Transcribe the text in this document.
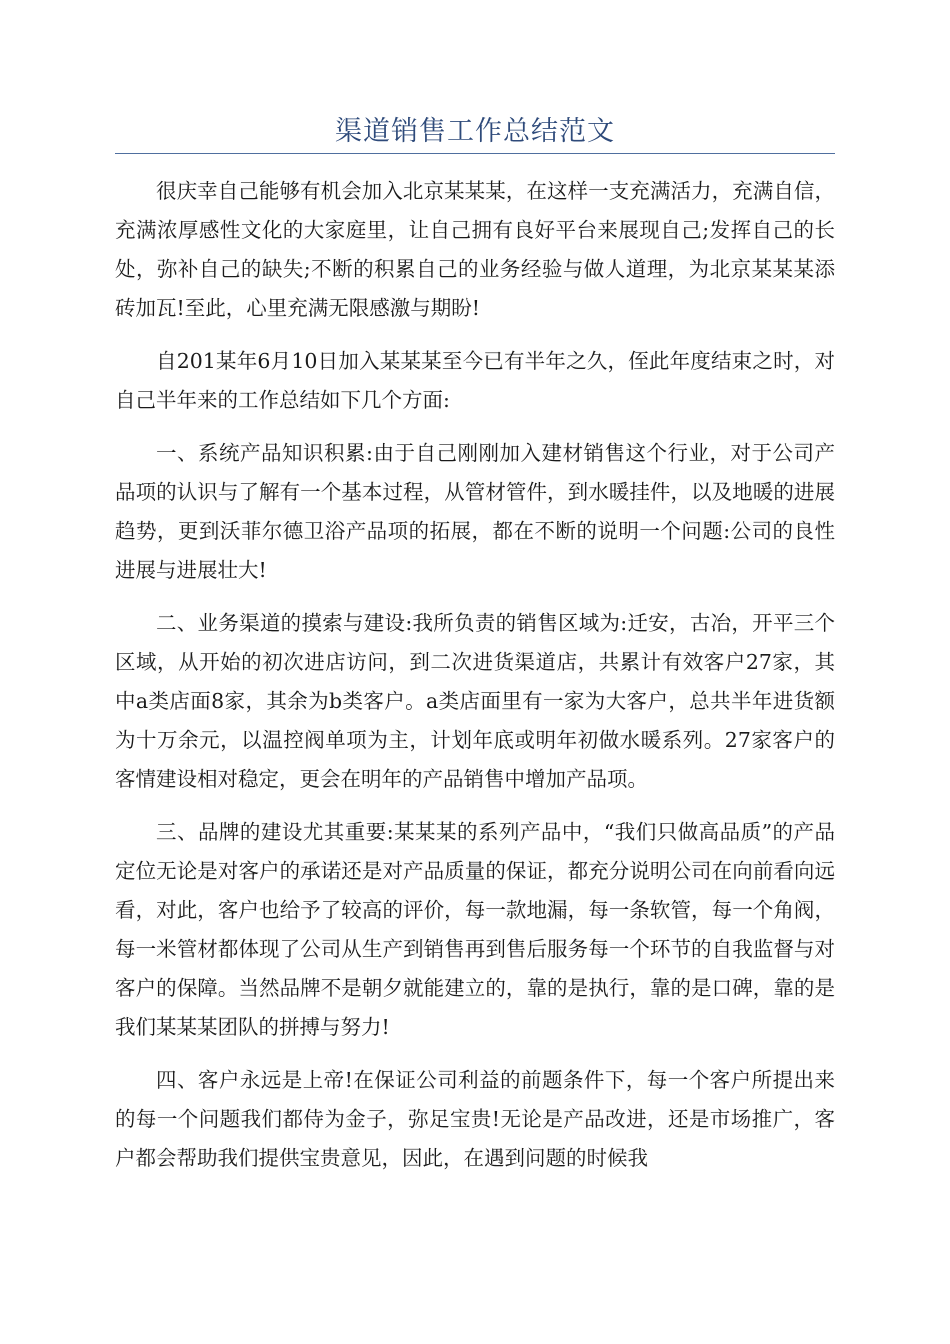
渠道销售工作总结范文

很庆幸自己能够有机会加入北京某某某，在这样一支充满活力，充满自信，充满浓厚感性文化的大家庭里，让自己拥有良好平台来展现自己;发挥自己的长处，弥补自己的缺失;不断的积累自己的业务经验与做人道理，为北京某某某添砖加瓦!至此，心里充满无限感激与期盼!

自201某年6月10日加入某某某至今已有半年之久，侄此年度结束之时，对自己半年来的工作总结如下几个方面:

一、系统产品知识积累:由于自己刚刚加入建材销售这个行业，对于公司产品项的认识与了解有一个基本过程，从管材管件，到水暖挂件，以及地暖的进展趋势，更到沃菲尔德卫浴产品项的拓展，都在不断的说明一个问题:公司的良性进展与进展壮大!

二、业务渠道的摸索与建设:我所负责的销售区域为:迁安，古冶，开平三个区域，从开始的初次进店访问，到二次进货渠道店，共累计有效客户27家，其中a类店面8家，其余为b类客户。a类店面里有一家为大客户，总共半年进货额为十万余元，以温控阀单项为主，计划年底或明年初做水暖系列。27家客户的客情建设相对稳定，更会在明年的产品销售中增加产品项。

三、品牌的建设尤其重要:某某某的系列产品中，“我们只做高品质”的产品定位无论是对客户的承诺还是对产品质量的保证，都充分说明公司在向前看向远看，对此，客户也给予了较高的评价，每一款地漏，每一条软管，每一个角阀，每一米管材都体现了公司从生产到销售再到售后服务每一个环节的自我监督与对客户的保障。当然品牌不是朝夕就能建立的，靠的是执行，靠的是口碑，靠的是我们某某某团队的拼搏与努力!

四、客户永远是上帝!在保证公司利益的前题条件下，每一个客户所提出来的每一个问题我们都侍为金子，弥足宝贵!无论是产品改进，还是市场推广，客户都会帮助我们提供宝贵意见，因此，在遇到问题的时候我
